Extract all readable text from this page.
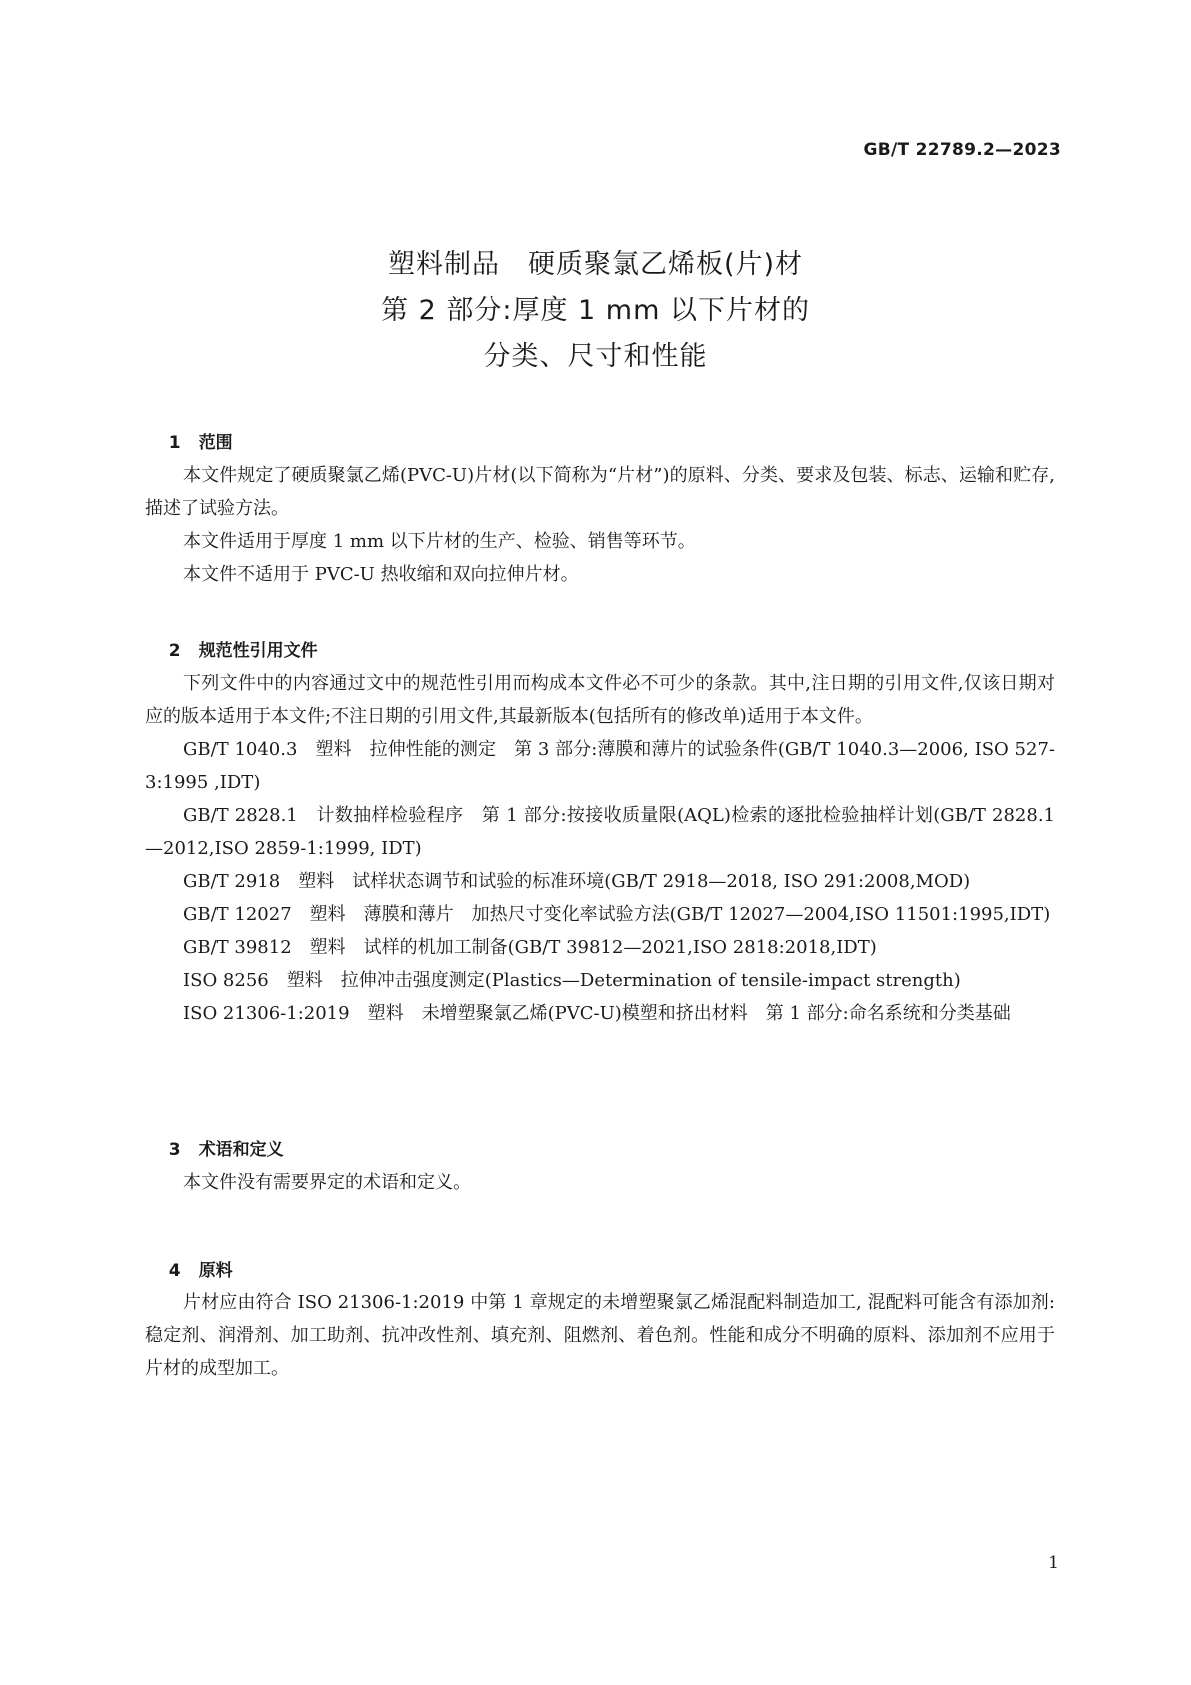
GB/T 22789.2—2023
塑料制品　硬质聚氯乙烯板(片)材
第 2 部分:厚度 1 mm 以下片材的
分类、尺寸和性能

1 范围

本文件规定了硬质聚氯乙烯(PVC-U)片材(以下简称为“片材”)的原料、分类、要求及包装、标志、运输和贮存,描述了试验方法。
本文件适用于厚度 1 mm 以下片材的生产、检验、销售等环节。
本文件不适用于 PVC-U 热收缩和双向拉伸片材。

2 规范性引用文件

下列文件中的内容通过文中的规范性引用而构成本文件必不可少的条款。其中,注日期的引用文件,仅该日期对应的版本适用于本文件;不注日期的引用文件,其最新版本(包括所有的修改单)适用于本文件。
GB/T 1040.3　塑料　拉伸性能的测定　第 3 部分:薄膜和薄片的试验条件(GB/T 1040.3—2006, ISO 527-3:1995 ,IDT)
GB/T 2828.1　计数抽样检验程序　第 1 部分:按接收质量限(AQL)检索的逐批检验抽样计划(GB/T 2828.1—2012,ISO 2859-1:1999, IDT)
GB/T 2918　塑料　试样状态调节和试验的标准环境(GB/T 2918—2018, ISO 291:2008,MOD)
GB/T 12027　塑料　薄膜和薄片　加热尺寸变化率试验方法(GB/T 12027—2004,ISO 11501:1995,IDT)
GB/T 39812　塑料　试样的机加工制备(GB/T 39812—2021,ISO 2818:2018,IDT)
ISO 8256　塑料　拉伸冲击强度测定(Plastics—Determination of tensile-impact strength)
ISO 21306-1:2019　塑料　未增塑聚氯乙烯(PVC-U)模塑和挤出材料　第 1 部分:命名系统和分类基础

3 术语和定义

本文件没有需要界定的术语和定义。

4 原料

片材应由符合 ISO 21306-1:2019 中第 1 章规定的未增塑聚氯乙烯混配料制造加工, 混配料可能含有添加剂: 稳定剂、润滑剂、加工助剂、抗冲改性剂、填充剂、阻燃剂、着色剂。性能和成分不明确的原料、添加剂不应用于片材的成型加工。
1
